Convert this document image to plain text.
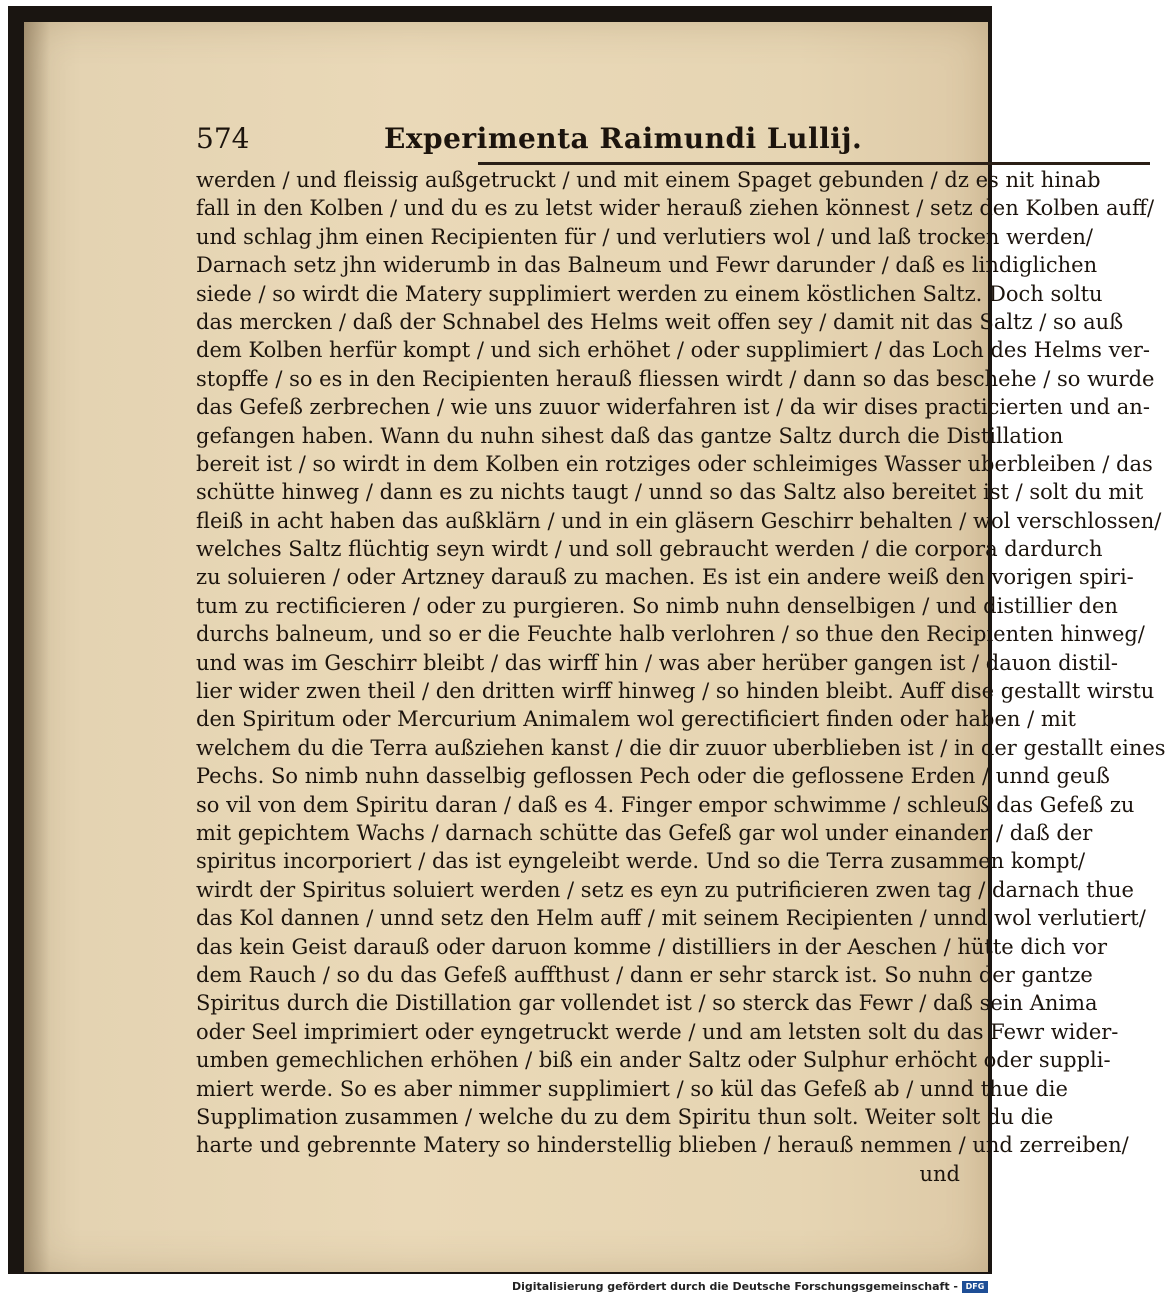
574	Experimenta Raimundi Lullij.
werden / und fleissig außgetruckt / und mit einem Spaget gebunden / dz es nit hinab
fall in den Kolben / und du es zu letst wider herauß ziehen könnest / setz den Kolben auff/
und schlag jhm einen Recipienten für / und verlutiers wol / und laß trocken werden/
Darnach setz jhn widerumb in das Balneum und Fewr darunder / daß es lindiglichen
siede / so wirdt die Matery supplimiert werden zu einem köstlichen Saltz. Doch soltu
das mercken / daß der Schnabel des Helms weit offen sey / damit nit das Saltz / so auß
dem Kolben herfür kompt / und sich erhöhet / oder supplimiert / das Loch des Helms ver-
stopffe / so es in den Recipienten herauß fliessen wirdt / dann so das beschehe / so wurde
das Gefeß zerbrechen / wie uns zuuor widerfahren ist / da wir dises practicierten und an-
gefangen haben. Wann du nuhn sihest daß das gantze Saltz durch die Distillation
bereit ist / so wirdt in dem Kolben ein rotziges oder schleimiges Wasser uberbleiben / das
schütte hinweg / dann es zu nichts taugt / unnd so das Saltz also bereitet ist / solt du mit
fleiß in acht haben das außklärn / und in ein gläsern Geschirr behalten / wol verschlossen/
welches Saltz flüchtig seyn wirdt / und soll gebraucht werden / die corpora dardurch
zu soluieren / oder Artzney darauß zu machen. Es ist ein andere weiß den vorigen spiri-
tum zu rectificieren / oder zu purgieren. So nimb nuhn denselbigen / und distillier den
durchs balneum, und so er die Feuchte halb verlohren / so thue den Recipienten hinweg/
und was im Geschirr bleibt / das wirff hin / was aber herüber gangen ist / dauon distil-
lier wider zwen theil / den dritten wirff hinweg / so hinden bleibt. Auff dise gestallt wirstu
den Spiritum oder Mercurium Animalem wol gerectificiert finden oder haben / mit
welchem du die Terra außziehen kanst / die dir zuuor uberblieben ist / in der gestallt eines
Pechs. So nimb nuhn dasselbig geflossen Pech oder die geflossene Erden / unnd geuß
so vil von dem Spiritu daran / daß es 4. Finger empor schwimme / schleuß das Gefeß zu
mit gepichtem Wachs / darnach schütte das Gefeß gar wol under einander / daß der
spiritus incorporiert / das ist eyngeleibt werde. Und so die Terra zusammen kompt/
wirdt der Spiritus soluiert werden / setz es eyn zu putrificieren zwen tag / darnach thue
das Kol dannen / unnd setz den Helm auff / mit seinem Recipienten / unnd wol verlutiert/
das kein Geist darauß oder daruon komme / distilliers in der Aeschen / hütte dich vor
dem Rauch / so du das Gefeß auffthust / dann er sehr starck ist. So nuhn der gantze
Spiritus durch die Distillation gar vollendet ist / so sterck das Fewr / daß sein Anima
oder Seel imprimiert oder eyngetruckt werde / und am letsten solt du das Fewr wider-
umben gemechlichen erhöhen / biß ein ander Saltz oder Sulphur erhöcht oder suppli-
miert werde. So es aber nimmer supplimiert / so kül das Gefeß ab / unnd thue die
Supplimation zusammen / welche du zu dem Spiritu thun solt. Weiter solt du die
harte und gebrennte Matery so hinderstellig blieben / herauß nemmen / und zerreiben/
und
Digitalisierung gefördert durch die Deutsche Forschungsgemeinschaft - DFG
